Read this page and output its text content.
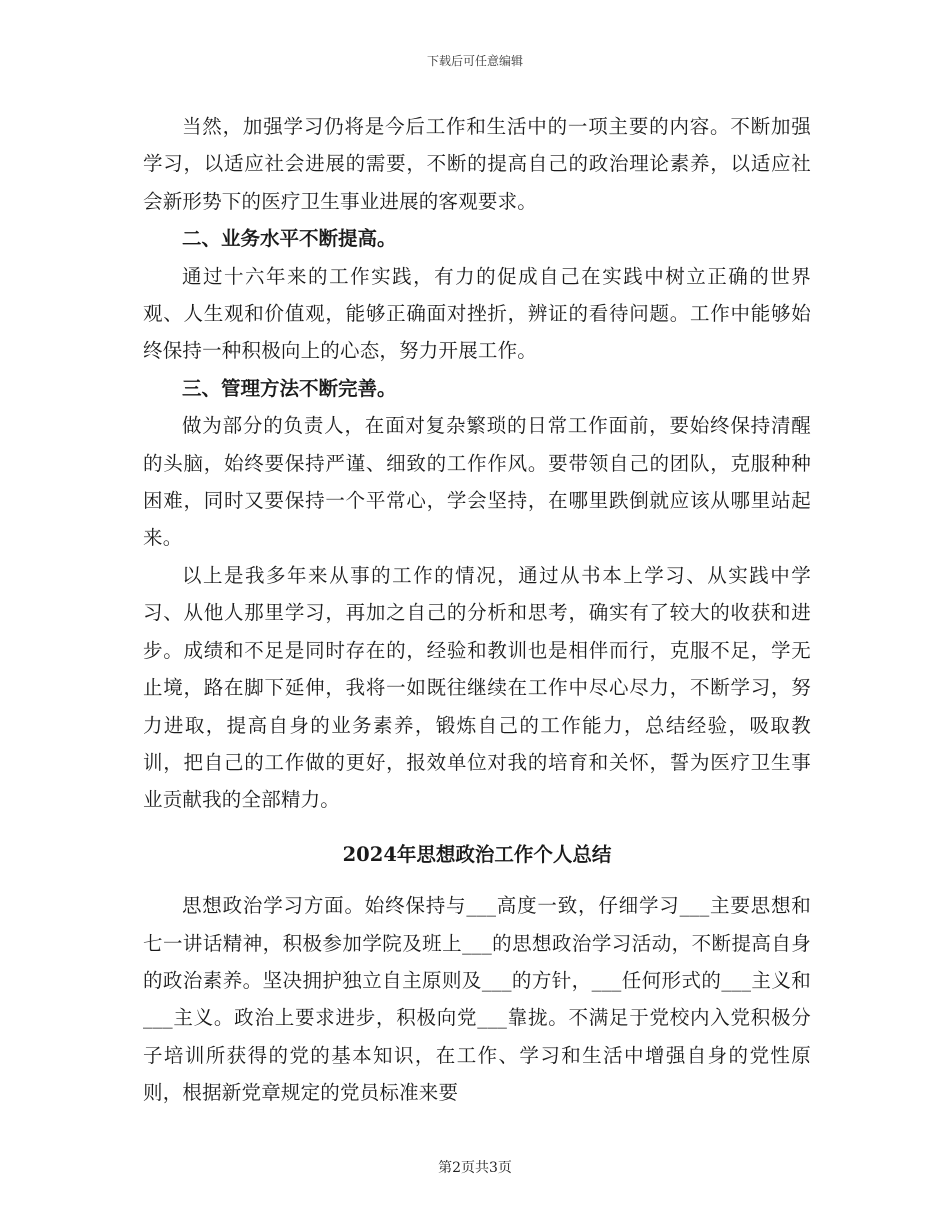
下载后可任意编辑

当然，加强学习仍将是今后工作和生活中的一项主要的内容。不断加强学习，以适应社会进展的需要，不断的提高自己的政治理论素养，以适应社会新形势下的医疗卫生事业进展的客观要求。

二、业务水平不断提高。

通过十六年来的工作实践，有力的促成自己在实践中树立正确的世界观、人生观和价值观，能够正确面对挫折，辨证的看待问题。工作中能够始终保持一种积极向上的心态，努力开展工作。

三、管理方法不断完善。

做为部分的负责人，在面对复杂繁琐的日常工作面前，要始终保持清醒的头脑，始终要保持严谨、细致的工作作风。要带领自己的团队，克服种种困难，同时又要保持一个平常心，学会坚持，在哪里跌倒就应该从哪里站起来。

以上是我多年来从事的工作的情况，通过从书本上学习、从实践中学习、从他人那里学习，再加之自己的分析和思考，确实有了较大的收获和进步。成绩和不足是同时存在的，经验和教训也是相伴而行，克服不足，学无止境，路在脚下延伸，我将一如既往继续在工作中尽心尽力，不断学习，努力进取，提高自身的业务素养，锻炼自己的工作能力，总结经验，吸取教训，把自己的工作做的更好，报效单位对我的培育和关怀，誓为医疗卫生事业贡献我的全部精力。

2024年思想政治工作个人总结

思想政治学习方面。始终保持与___高度一致，仔细学习___主要思想和七一讲话精神，积极参加学院及班上___的思想政治学习活动，不断提高自身的政治素养。坚决拥护独立自主原则及___的方针，___任何形式的___主义和___主义。政治上要求进步，积极向党___靠拢。不满足于党校内入党积极分子培训所获得的党的基本知识，在工作、学习和生活中增强自身的党性原则，根据新党章规定的党员标准来要

第2页共3页
